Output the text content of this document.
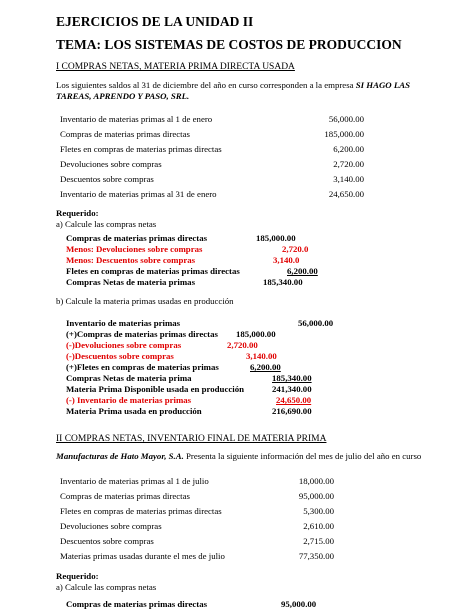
EJERCICIOS DE LA UNIDAD II
TEMA: LOS SISTEMAS DE COSTOS DE PRODUCCION
I COMPRAS NETAS, MATERIA PRIMA DIRECTA USADA
Los siguientes saldos al 31 de diciembre del año en curso corresponden a la empresa SI HAGO LAS TAREAS, APRENDO Y PASO, SRL.
Inventario de materias primas al 1 de enero	56,000.00
Compras de materias primas directas	185,000.00
Fletes en compras de materias primas directas	6,200.00
Devoluciones sobre compras	2,720.00
Descuentos sobre compras	3,140.00
Inventario de materias primas al 31 de enero	24,650.00
Requerido:
a) Calcule las compras netas
Compras de materias primas directas	185,000.00
Menos: Devoluciones sobre compras	2,720.0
Menos: Descuentos sobre compras	3,140.0
Fletes en compras de materias primas directas	6,200.00
Compras Netas de materia primas	185,340.00
b) Calcule la materia primas usadas en producción
Inventario de materias primas	56,000.00
(+)Compras de materias primas directas 185,000.00
(-)Devoluciones sobre compras	2,720.00
(-)Descuentos sobre compras	3,140.00
(+)Fletes en compras de materias primas	6,200.00
Compras Netas de materia prima	185,340.00
Materia Prima Disponible usada en producción	241,340.00
(-) Inventario de materias primas	24,650.00
Materia Prima usada en producción	216,690.00
II COMPRAS NETAS, INVENTARIO FINAL DE MATERIA PRIMA
Manufacturas de Hato Mayor, S.A. Presenta la siguiente información del mes de julio del año en curso
Inventario de materias primas al 1 de julio	18,000.00
Compras de materias primas directas	95,000.00
Fletes en compras de materias primas directas	5,300.00
Devoluciones sobre compras	2,610.00
Descuentos sobre compras	2,715.00
Materias primas usadas durante el mes de julio	77,350.00
Requerido:
a) Calcule las compras netas
Compras de materias primas directas	95,000.00
